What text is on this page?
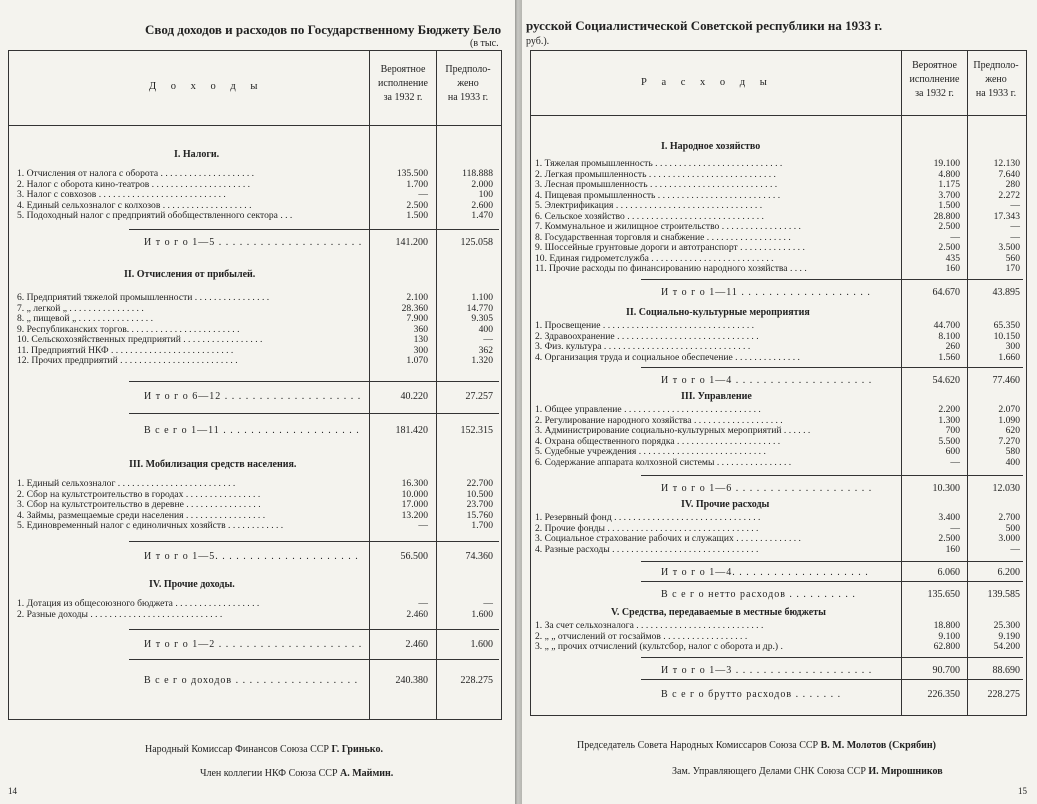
Свод доходов и расходов по Государственному Бюджету Бело
(в тыс.
Д о х о д ы
Вероятное
исполнение
за 1932 г.
Предполо-
жено
на 1933 г.
I. Налоги.
1. Отчисления от налога с оборота . . . . . . . . . . . . . . . . . . . .	135.500	118.888
2. Налог с оборота кино-театров . . . . . . . . . . . . . . . . . . . . .	1.700	2.000
3. Налог с совхозов . . . . . . . . . . . . . . . . . . . . . . . . . . .	—	100
4. Единый сельхозналог с колхозов . . . . . . . . . . . . . . . . . . .	2.500	2.600
5. Подоходный налог с предприятий обобществленного сектора . . .	1.500	1.470
И т о г о 1—5 . . . . . . . . . . . . . . . . . . . . .	141.200	125.058
II. Отчисления от прибылей.
6. Предприятий тяжелой промышленности . . . . . . . . . . . . . . . .	2.100	1.100
7. „ легкой „ . . . . . . . . . . . . . . . .	28.360	14.770
8. „ пищевой „ . . . . . . . . . . . . . . . .	7.900	9.305
9. Республиканских торгов. . . . . . . . . . . . . . . . . . . . . . . .	360	400
10. Сельскохозяйственных предприятий . . . . . . . . . . . . . . . . .	130	—
11. Предприятий НКФ . . . . . . . . . . . . . . . . . . . . . . . . . .	300	362
12. Прочих предприятий . . . . . . . . . . . . . . . . . . . . . . . . .	1.070	1.320
И т о г о 6—12 . . . . . . . . . . . . . . . . . . . .	40.220	27.257
В с е г о 1—11 . . . . . . . . . . . . . . . . . . . .	181.420	152.315
III. Мобилизация средств населения.
1. Единый сельхозналог . . . . . . . . . . . . . . . . . . . . . . . . .	16.300	22.700
2. Сбор на культстроительство в городах . . . . . . . . . . . . . . . .	10.000	10.500
3. Сбор на культстроительство в деревне . . . . . . . . . . . . . . . .	17.000	23.700
4. Займы, размещаемые среди населения . . . . . . . . . . . . . . . . .	13.200	15.760
5. Единовременный налог с единоличных хозяйств . . . . . . . . . . . .	—	1.700
И т о г о 1—5. . . . . . . . . . . . . . . . . . . . .	56.500	74.360
IV. Прочие доходы.
1. Дотация из общесоюзного бюджета . . . . . . . . . . . . . . . . . .	—	—
2. Разные доходы . . . . . . . . . . . . . . . . . . . . . . . . . . . .	2.460	1.600
И т о г о 1—2 . . . . . . . . . . . . . . . . . . . . .	2.460	1.600
В с е г о доходов . . . . . . . . . . . . . . . . . .	240.380	228.275
Народный Комиссар Финансов Союза ССР Г. Гринько.
Член коллегии НКФ Союза ССР А. Маймин.
14
русской Социалистической Советской республики на 1933 г.
руб.).
Р а с х о д ы
Вероятное
исполнение
за 1932 г.
Предполо-
жено
на 1933 г.
I. Народное хозяйство
1. Тяжелая промышленность . . . . . . . . . . . . . . . . . . . . . . . . . . .	19.100	12.130
2. Легкая промышленность . . . . . . . . . . . . . . . . . . . . . . . . . . .	4.800	7.640
3. Лесная промышленность . . . . . . . . . . . . . . . . . . . . . . . . . . .	1.175	280
4. Пищевая промышленность . . . . . . . . . . . . . . . . . . . . . . . . . .	3.700	2.272
5. Электрификация . . . . . . . . . . . . . . . . . . . . . . . . . . . . . . .	1.500	—
6. Сельское хозяйство . . . . . . . . . . . . . . . . . . . . . . . . . . . . .	28.800	17.343
7. Коммунальное и жилищное строительство . . . . . . . . . . . . . . . . .	2.500	—
8. Государственная торговля и снабжение . . . . . . . . . . . . . . . . . .	—	—
9. Шоссейные грунтовые дороги и автотранспорт . . . . . . . . . . . . . .	2.500	3.500
10. Единая гидрометслужба . . . . . . . . . . . . . . . . . . . . . . . . . .	435	560
11. Прочие расходы по финансированию народного хозяйства . . . .	160	170
И т о г о 1—11 . . . . . . . . . . . . . . . . . . .	64.670	43.895
II. Социально-культурные мероприятия
1. Просвещение . . . . . . . . . . . . . . . . . . . . . . . . . . . . . . . .	44.700	65.350
2. Здравоохранение . . . . . . . . . . . . . . . . . . . . . . . . . . . . . .	8.100	10.150
3. Физ. культура . . . . . . . . . . . . . . . . . . . . . . . . . . . . . . .	260	300
4. Организация труда и социальное обеспечение . . . . . . . . . . . . . .	1.560	1.660
И т о г о 1—4 . . . . . . . . . . . . . . . . . . . .	54.620	77.460
III. Управление
1. Общее управление . . . . . . . . . . . . . . . . . . . . . . . . . . . . .	2.200	2.070
2. Регулирование народного хозяйства . . . . . . . . . . . . . . . . . . .	1.300	1.090
3. Администрирование социально-культурных мероприятий . . . . . .	700	620
4. Охрана общественного порядка . . . . . . . . . . . . . . . . . . . . . .	5.500	7.270
5. Судебные учреждения . . . . . . . . . . . . . . . . . . . . . . . . . . .	600	580
6. Содержание аппарата колхозной системы . . . . . . . . . . . . . . . .	—	400
И т о г о 1—6 . . . . . . . . . . . . . . . . . . . .	10.300	12.030
IV. Прочие расходы
1. Резервный фонд . . . . . . . . . . . . . . . . . . . . . . . . . . . . . . .	3.400	2.700
2. Прочие фонды . . . . . . . . . . . . . . . . . . . . . . . . . . . . . . . .	—	500
3. Социальное страхование рабочих и служащих . . . . . . . . . . . . . .	2.500	3.000
4. Разные расходы . . . . . . . . . . . . . . . . . . . . . . . . . . . . . . .	160	—
И т о г о 1—4. . . . . . . . . . . . . . . . . . . .	6.060	6.200
В с е г о нетто расходов . . . . . . . . . .	135.650	139.585
V. Средства, передаваемые в местные бюджеты
1. За счет сельхозналога . . . . . . . . . . . . . . . . . . . . . . . . . . .	18.800	25.300
2. „ „ отчислений от госзаймов . . . . . . . . . . . . . . . . . .	9.100	9.190
3. „ „ прочих отчислений (культсбор, налог с оборота и др.) .	62.800	54.200
И т о г о 1—3 . . . . . . . . . . . . . . . . . . . .	90.700	88.690
В с е г о брутто расходов . . . . . . .	226.350	228.275
Председатель Совета Народных Комиссаров Союза ССР В. М. Молотов (Скрябин)
Зам. Управляющего Делами СНК Союза ССР И. Мирошников
15
